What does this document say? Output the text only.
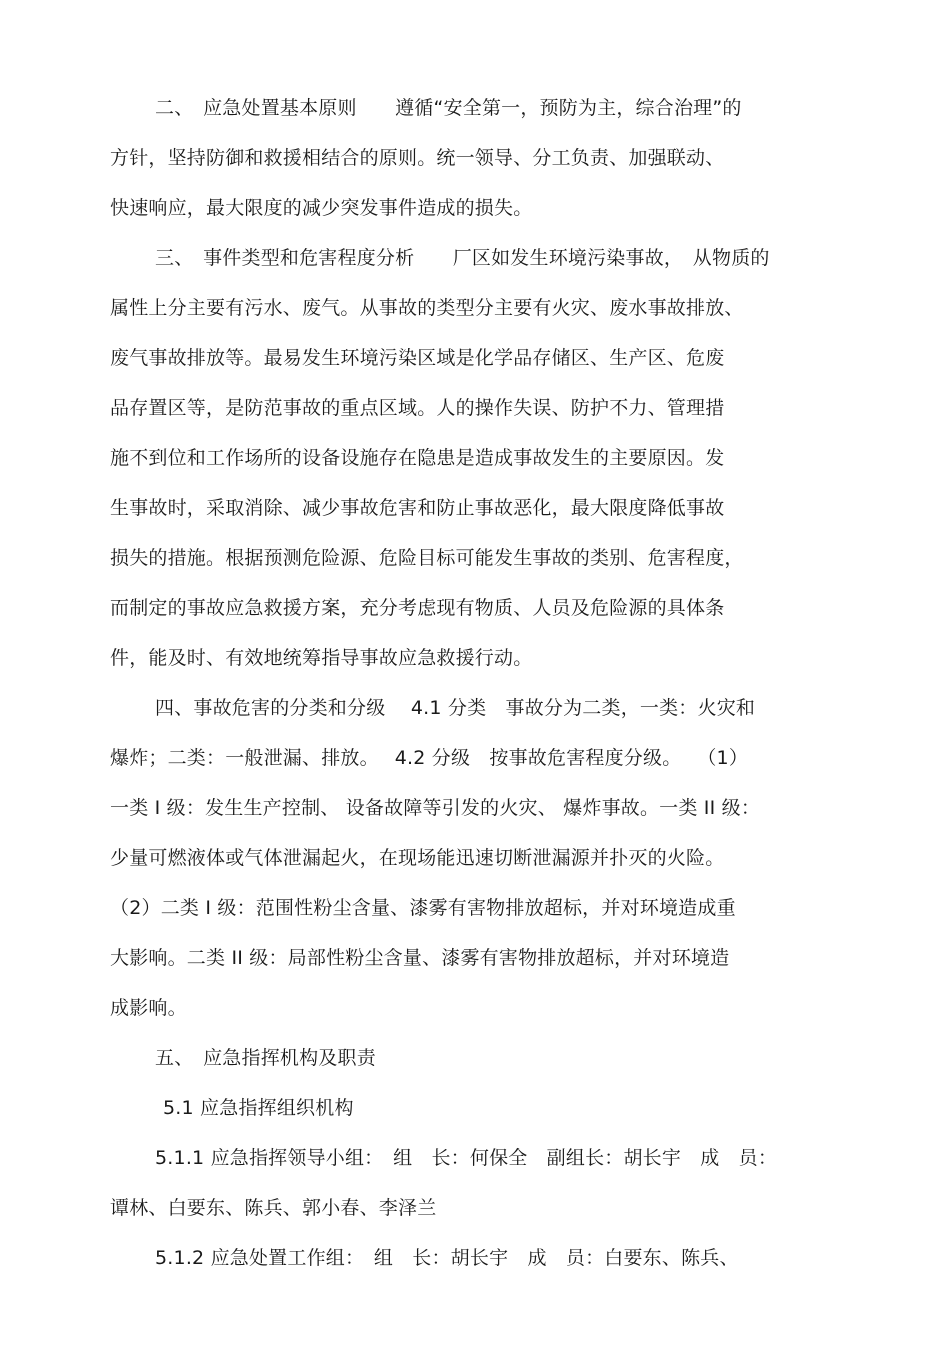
二、　应急处置基本原则　　遵循“安全第一，预防为主，综合治理”的
方针，坚持防御和救援相结合的原则。统一领导、分工负责、加强联动、
快速响应，最大限度的减少突发事件造成的损失。
三、　事件类型和危害程度分析　　厂区如发生环境污染事故，　从物质的
属性上分主要有污水、废气。从事故的类型分主要有火灾、废水事故排放、
废气事故排放等。最易发生环境污染区域是化学品存储区、生产区、危废
品存置区等，是防范事故的重点区域。人的操作失误、防护不力、管理措
施不到位和工作场所的设备设施存在隐患是造成事故发生的主要原因。发
生事故时，采取消除、减少事故危害和防止事故恶化，最大限度降低事故
损失的措施。根据预测危险源、危险目标可能发生事故的类别、危害程度，
而制定的事故应急救援方案，充分考虑现有物质、人员及危险源的具体条
件，能及时、有效地统筹指导事故应急救援行动。
四、事故危害的分类和分级　 4.1 分类　事故分为二类，一类：火灾和
爆炸；二类：一般泄漏、排放。　 4.2 分级　按事故危害程度分级。　 （1）
一类 I 级：发生生产控制、 设备故障等引发的火灾、 爆炸事故。一类 II 级：
少量可燃液体或气体泄漏起火，在现场能迅速切断泄漏源并扑灭的火险。
（2）二类 I 级：范围性粉尘含量、漆雾有害物排放超标，并对环境造成重
大影响。二类 II 级：局部性粉尘含量、漆雾有害物排放超标，并对环境造
成影响。
五、　应急指挥机构及职责
5.1 应急指挥组织机构
5.1.1 应急指挥领导小组：　组　长：何保全　副组长：胡长宇　成　员：
谭林、白要东、陈兵、郭小春、李泽兰
5.1.2 应急处置工作组：　组　长：胡长宇　成　员：白要东、陈兵、
